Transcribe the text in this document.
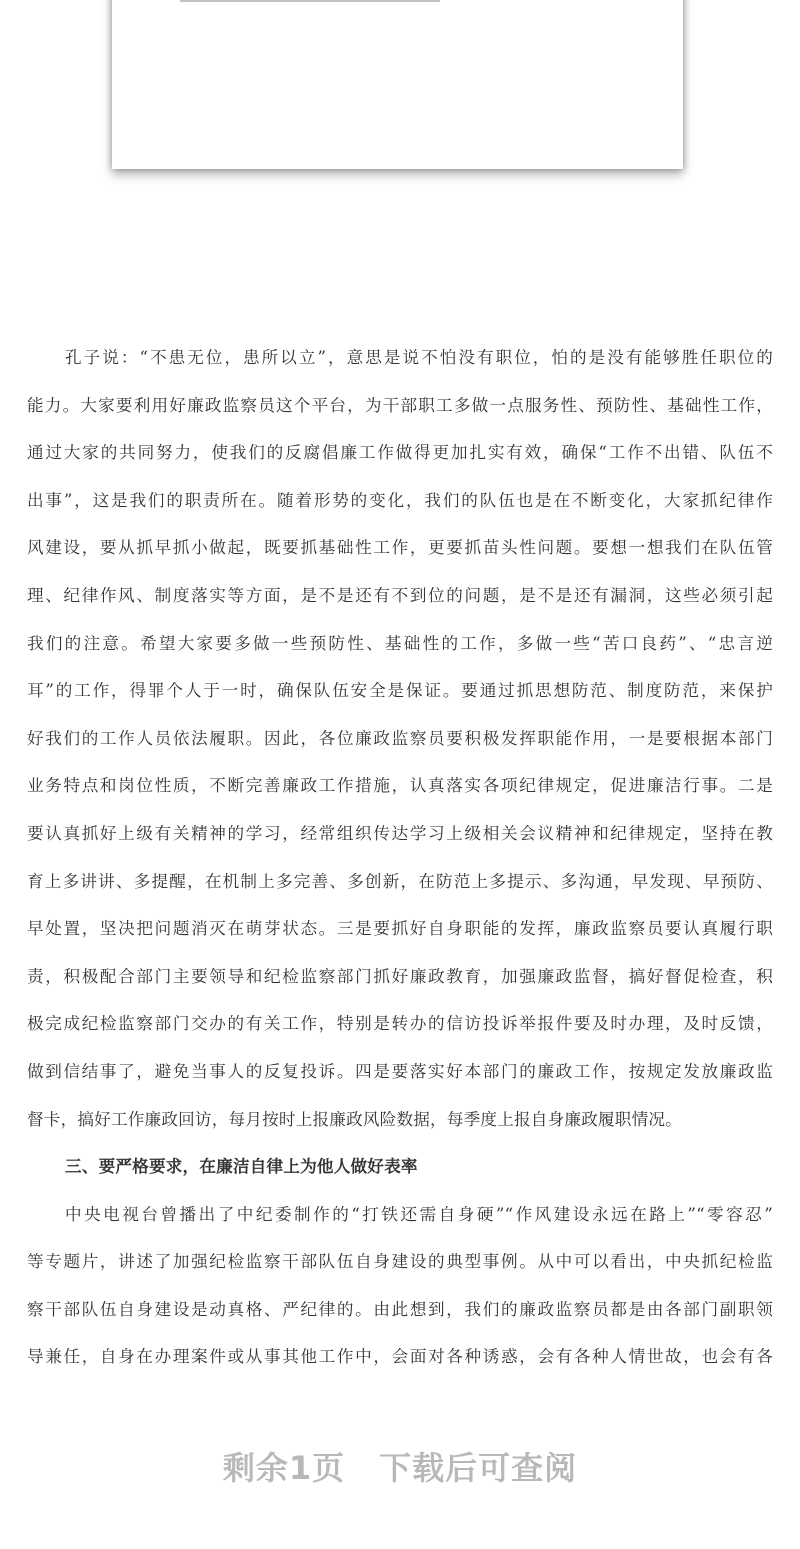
孔子说：“不患无位，患所以立”，意思是说不怕没有职位，怕的是没有能够胜任职位的
能力。大家要利用好廉政监察员这个平台，为干部职工多做一点服务性、预防性、基础性工作，
通过大家的共同努力，使我们的反腐倡廉工作做得更加扎实有效，确保“工作不出错、队伍不
出事”，这是我们的职责所在。随着形势的变化，我们的队伍也是在不断变化，大家抓纪律作
风建设，要从抓早抓小做起，既要抓基础性工作，更要抓苗头性问题。要想一想我们在队伍管
理、纪律作风、制度落实等方面，是不是还有不到位的问题，是不是还有漏洞，这些必须引起
我们的注意。希望大家要多做一些预防性、基础性的工作，多做一些“苦口良药”、“忠言逆
耳”的工作，得罪个人于一时，确保队伍安全是保证。要通过抓思想防范、制度防范，来保护
好我们的工作人员依法履职。因此，各位廉政监察员要积极发挥职能作用，一是要根据本部门
业务特点和岗位性质，不断完善廉政工作措施，认真落实各项纪律规定，促进廉洁行事。二是
要认真抓好上级有关精神的学习，经常组织传达学习上级相关会议精神和纪律规定，坚持在教
育上多讲讲、多提醒，在机制上多完善、多创新，在防范上多提示、多沟通，早发现、早预防、
早处置，坚决把问题消灭在萌芽状态。三是要抓好自身职能的发挥，廉政监察员要认真履行职
责，积极配合部门主要领导和纪检监察部门抓好廉政教育，加强廉政监督，搞好督促检查，积
极完成纪检监察部门交办的有关工作，特别是转办的信访投诉举报件要及时办理，及时反馈，
做到信结事了，避免当事人的反复投诉。四是要落实好本部门的廉政工作，按规定发放廉政监
督卡，搞好工作廉政回访，每月按时上报廉政风险数据，每季度上报自身廉政履职情况。
三、要严格要求，在廉洁自律上为他人做好表率
中央电视台曾播出了中纪委制作的“打铁还需自身硬”“作风建设永远在路上”“零容忍”
等专题片，讲述了加强纪检监察干部队伍自身建设的典型事例。从中可以看出，中央抓纪检监
察干部队伍自身建设是动真格、严纪律的。由此想到，我们的廉政监察员都是由各部门副职领
导兼任，自身在办理案件或从事其他工作中，会面对各种诱惑，会有各种人情世故，也会有各
剩余1页 下载后可查阅
